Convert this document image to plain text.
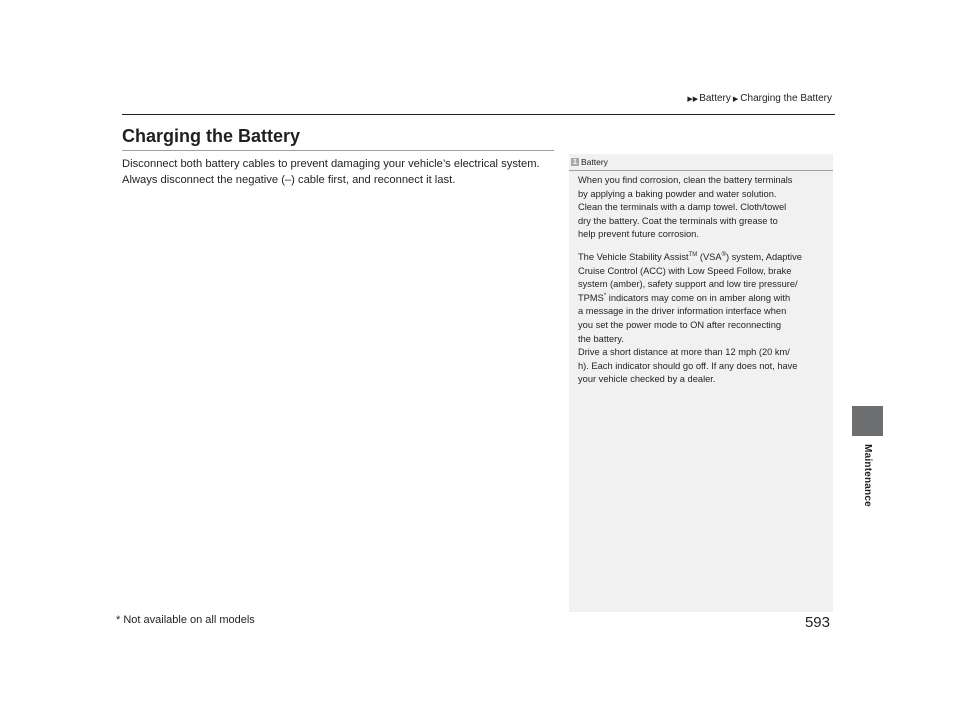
▶▶ Battery ▶ Charging the Battery
Maintenance
Charging the Battery

Disconnect both battery cables to prevent damaging your vehicle’s electrical system.

Always disconnect the negative (–) cable first, and reconnect it last.

1 Battery

When you find corrosion, clean the battery terminals

by applying a baking powder and water solution.

Clean the terminals with a damp towel. Cloth/towel

dry the battery. Coat the terminals with grease to

help prevent future corrosion.

The Vehicle Stability Assist™ (VSA®) system, Adaptive

Cruise Control (ACC) with Low Speed Follow, brake

system (amber), safety support and low tire pressure/

TPMS* indicators may come on in amber along with

a message in the driver information interface when

you set the power mode to ON after reconnecting

the battery.

Drive a short distance at more than 12 mph (20 km/

h). Each indicator should go off. If any does not, have

your vehicle checked by a dealer.

* Not available on all models	593
